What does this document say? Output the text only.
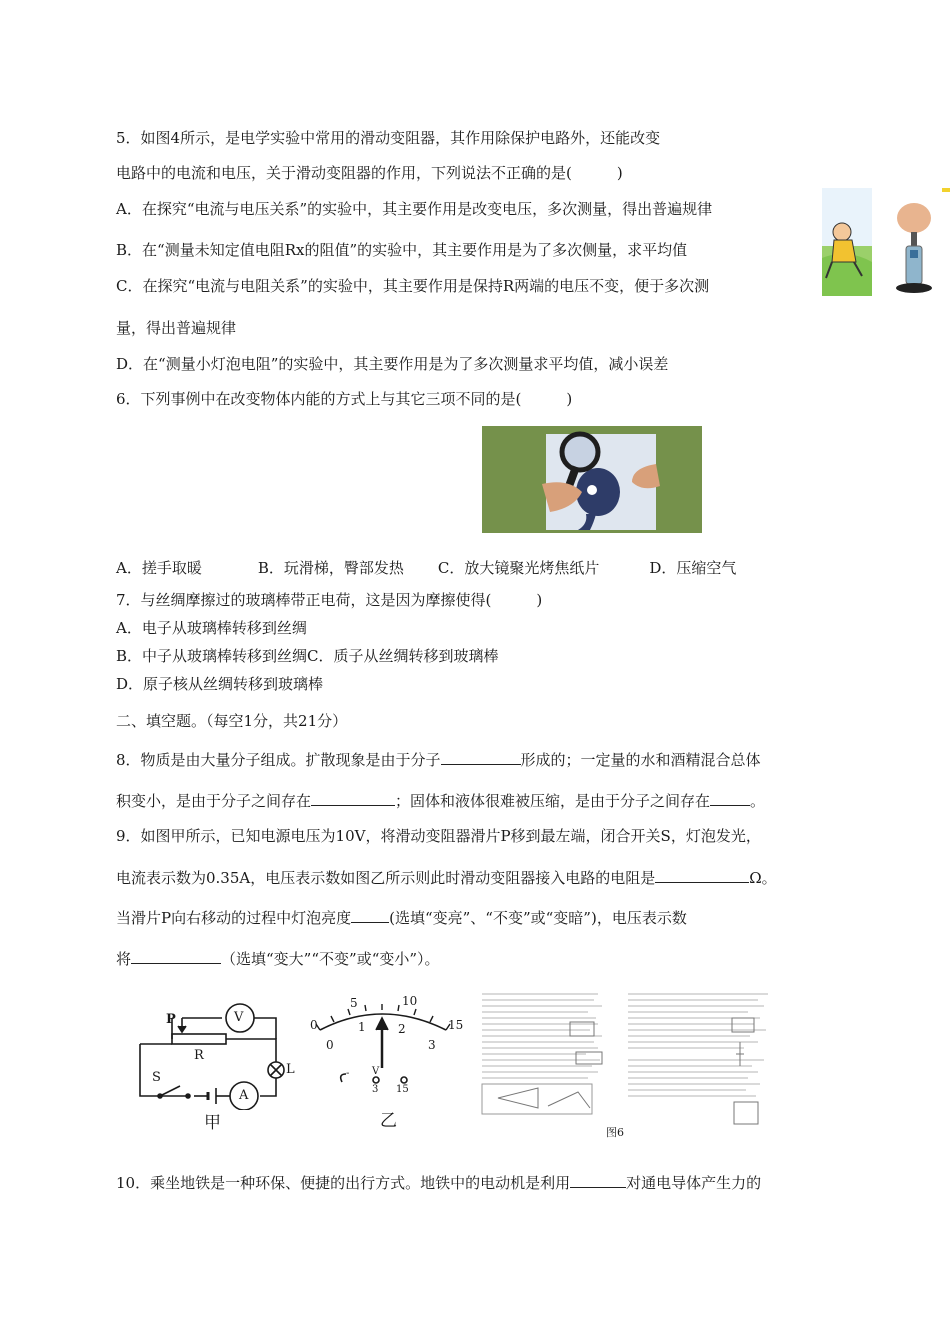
5．如图4所示，是电学实验中常用的滑动变阻器，其作用除保护电路外，还能改变
电路中的电流和电压，关于滑动变阻器的作用，下列说法不正确的是(　　　)
A．在探究“电流与电压关系”的实验中，其主要作用是改变电压，多次测量，得出普遍规律
B．在“测量未知定值电阻Rx的阻值”的实验中，其主要作用是为了多次侧量，求平均值
C．在探究“电流与电阻关系”的实验中，其主要作用是保持R两端的电压不变，便于多次测
量，得出普遍规律
D．在“测量小灯泡电阻”的实验中，其主要作用是为了多次测量求平均值，减小误差
6．下列事例中在改变物体内能的方式上与其它三项不同的是(　　　)
A．搓手取暖	B．玩滑梯，臀部发热 C．放大镜聚光烤焦纸片	D．压缩空气
7．与丝绸摩擦过的玻璃棒带正电荷，这是因为摩擦使得(　　　)
A．电子从玻璃棒转移到丝绸
B．中子从玻璃棒转移到丝绸C．质子从丝绸转移到玻璃棒
D．原子核从丝绸转移到玻璃棒
二、填空题。（每空1分，共21分）
8．物质是由大量分子组成。扩散现象是由于分子	形成的；一定量的水和酒精混合总体
积变小，是由于分子之间存在	；固体和液体很难被压缩，是由于分子之间存在	。
9．如图甲所示，已知电源电压为10V，将滑动变阻器滑片P移到最左端，闭合开关S，灯泡发光，
电流表示数为0.35A，电压表示数如图乙所示则此时滑动变阻器接入电路的电阻是	Ω。
当滑片P向右移动的过程中灯泡亮度	(选填“变亮”、“不变”或“变暗”)，电压表示数
将	（选填“变大”“不变”或“变小”）。
P	V
R
L
S
A
甲
0
5	10
15
0
1	2
3
V
-
3 15
乙
图6
10．乘坐地铁是一种环保、便捷的出行方式。地铁中的电动机是利用	对通电导体产生力的
